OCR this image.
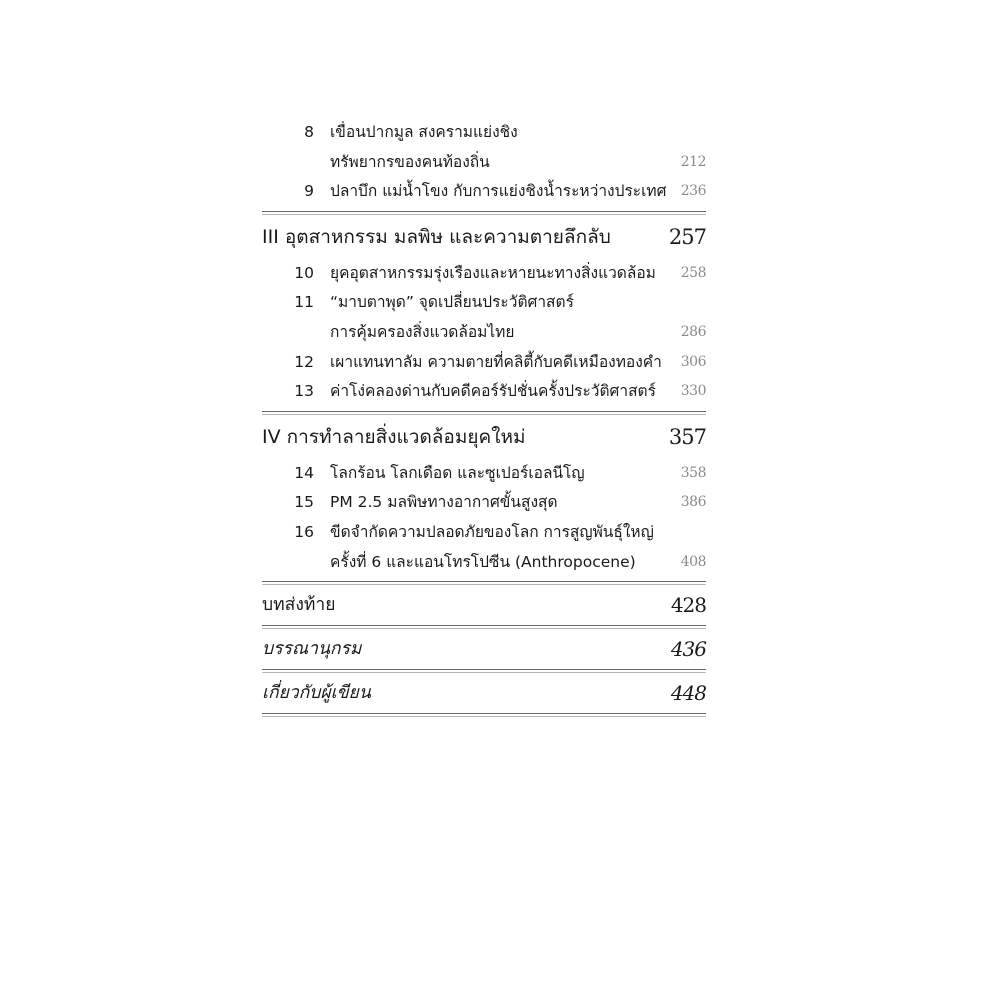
8 เขื่อนปากมูล สงครามแย่งชิง
ทรัพยากรของคนท้องถิ่น	212
9 ปลาบึก แม่น้ำโขง กับการแย่งชิงน้ำระหว่างประเทศ 236
III อุตสาหกรรม มลพิษ และความตายลึกลับ	257
10 ยุคอุตสาหกรรมรุ่งเรืองและหายนะทางสิ่งแวดล้อม 258
11 “มาบตาพุด” จุดเปลี่ยนประวัติศาสตร์
การคุ้มครองสิ่งแวดล้อมไทย	286
12 เผาแทนทาลัม ความตายที่คลิตี้กับคดีเหมืองทองคำ 306
13 ค่าโง่คลองด่านกับคดีคอร์รัปชั่นครั้งประวัติศาสตร์ 330
IV การทำลายสิ่งแวดล้อมยุคใหม่	357
14 โลกร้อน โลกเดือด และซูเปอร์เอลนีโญ	358
15 PM 2.5 มลพิษทางอากาศขั้นสูงสุด	386
16 ขีดจำกัดความปลอดภัยของโลก การสูญพันธุ์ใหญ่
ครั้งที่ 6 และแอนโทรโปซีน (Anthropocene)	408
บทส่งท้าย	428
บรรณานุกรม	436
เกี่ยวกับผู้เขียน	448
